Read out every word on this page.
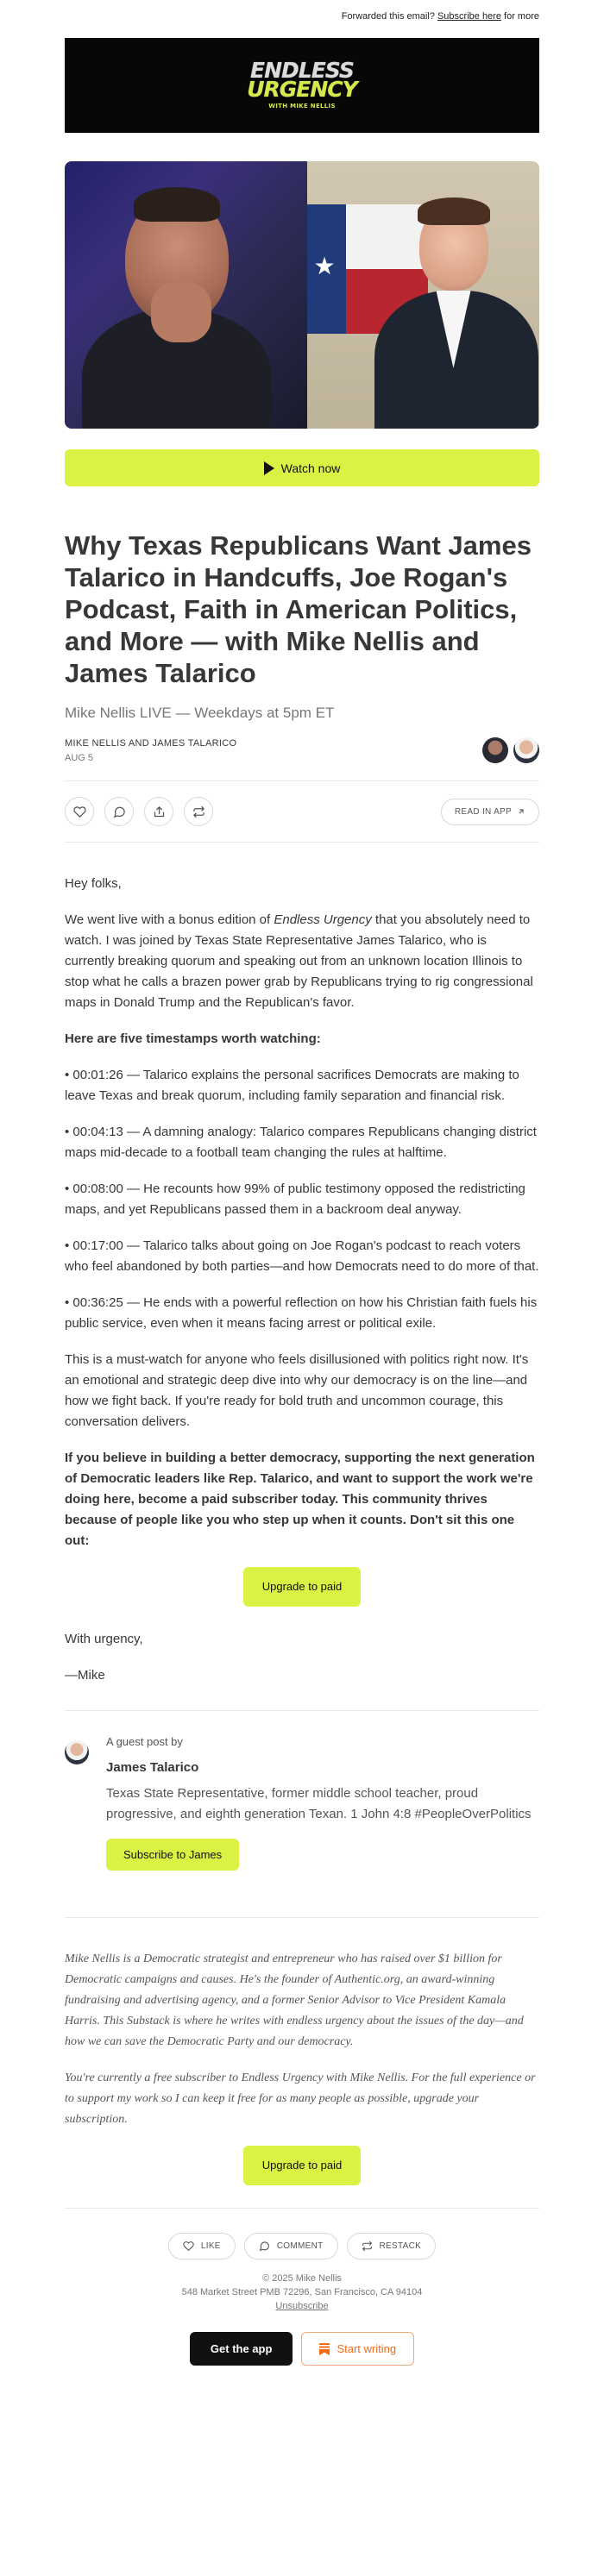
Forwarded this email? Subscribe here for more
ENDLESS
URGENCY
WITH MIKE NELLIS
★
Watch now
Why Texas Republicans Want James Talarico in Handcuffs, Joe Rogan's Podcast, Faith in American Politics, and More — with Mike Nellis and James Talarico
Mike Nellis LIVE — Weekdays at 5pm ET
MIKE NELLIS AND JAMES TALARICO
AUG 5
READ IN APP

Hey folks,

We went live with a bonus edition of Endless Urgency that you absolutely need to watch. I was joined by Texas State Representative James Talarico, who is currently breaking quorum and speaking out from an unknown location Illinois to stop what he calls a brazen power grab by Republicans trying to rig congressional maps in Donald Trump and the Republican's favor.

Here are five timestamps worth watching:

• 00:01:26 — Talarico explains the personal sacrifices Democrats are making to leave Texas and break quorum, including family separation and financial risk.

• 00:04:13 — A damning analogy: Talarico compares Republicans changing district maps mid-decade to a football team changing the rules at halftime.

• 00:08:00 — He recounts how 99% of public testimony opposed the redistricting maps, and yet Republicans passed them in a backroom deal anyway.

• 00:17:00 — Talarico talks about going on Joe Rogan's podcast to reach voters who feel abandoned by both parties—and how Democrats need to do more of that.

• 00:36:25 — He ends with a powerful reflection on how his Christian faith fuels his public service, even when it means facing arrest or political exile.

This is a must-watch for anyone who feels disillusioned with politics right now. It's an emotional and strategic deep dive into why our democracy is on the line—and how we fight back. If you're ready for bold truth and uncommon courage, this conversation delivers.

If you believe in building a better democracy, supporting the next generation of Democratic leaders like Rep. Talarico, and want to support the work we're doing here, become a paid subscriber today. This community thrives because of people like you who step up when it counts. Don't sit this one out:

Upgrade to paid

With urgency,

—Mike

A guest post by
James Talarico
Texas State Representative, former middle school teacher, proud progressive, and eighth generation Texan. 1 John 4:8 #PeopleOverPolitics
Subscribe to James

Mike Nellis is a Democratic strategist and entrepreneur who has raised over $1 billion for Democratic campaigns and causes. He's the founder of Authentic.org, an award-winning fundraising and advertising agency, and a former Senior Advisor to Vice President Kamala Harris. This Substack is where he writes with endless urgency about the issues of the day—and how we can save the Democratic Party and our democracy.

You're currently a free subscriber to Endless Urgency with Mike Nellis. For the full experience or to support my work so I can keep it free for as many people as possible, upgrade your subscription.

Upgrade to paid
LIKE	COMMENT	RESTACK
© 2025 Mike Nellis
548 Market Street PMB 72296, San Francisco, CA 94104
Unsubscribe
Get the app	Start writing
